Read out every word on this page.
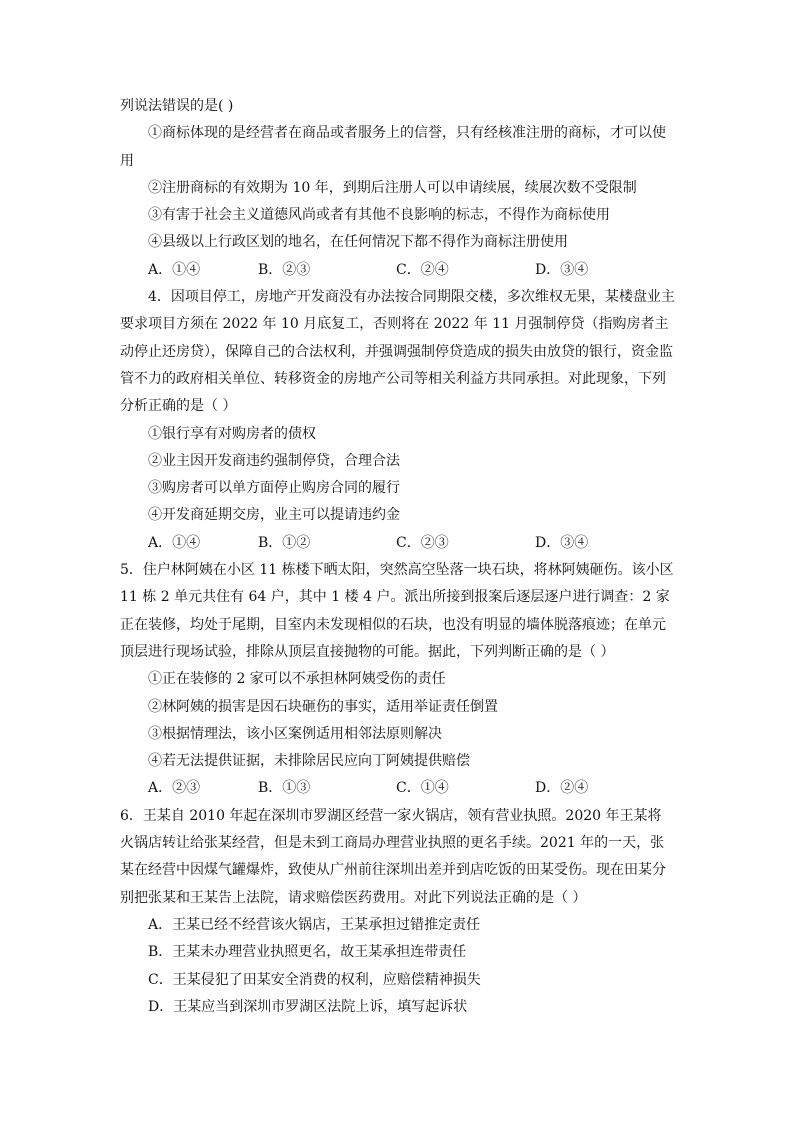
列说法错误的是( )

①商标体现的是经营者在商品或者服务上的信誉，只有经核准注册的商标，才可以使用

②注册商标的有效期为 10 年，到期后注册人可以申请续展，续展次数不受限制

③有害于社会主义道德风尚或者有其他不良影响的标志，不得作为商标使用

④县级以上行政区划的地名，在任何情况下都不得作为商标注册使用

A．①④	B．②③	C．②④	D．③④

4．因项目停工，房地产开发商没有办法按合同期限交楼，多次维权无果，某楼盘业主要求项目方须在 2022 年 10 月底复工，否则将在 2022 年 11 月强制停贷（指购房者主动停止还房贷），保障自己的合法权利，并强调强制停贷造成的损失由放贷的银行，资金监管不力的政府相关单位、转移资金的房地产公司等相关利益方共同承担。对此现象，下列分析正确的是（ ）

①银行享有对购房者的债权

②业主因开发商违约强制停贷，合理合法

③购房者可以单方面停止购房合同的履行

④开发商延期交房，业主可以提请违约金

A．①④	B．①②	C．②③	D．③④

5．住户林阿姨在小区 11 栋楼下晒太阳，突然高空坠落一块石块，将林阿姨砸伤。该小区 11 栋 2 单元共住有 64 户，其中 1 楼 4 户。派出所接到报案后逐层逐户进行调查：2 家正在装修，均处于尾期，目室内未发现相似的石块，也没有明显的墙体脱落痕迹；在单元顶层进行现场试验，排除从顶层直接抛物的可能。据此，下列判断正确的是（ ）

①正在装修的 2 家可以不承担林阿姨受伤的责任

②林阿姨的损害是因石块砸伤的事实，适用举证责任倒置

③根据情理法，该小区案例适用相邻法原则解决

④若无法提供证据，未排除居民应向丁阿姨提供赔偿

A．②③	B．①③	C．①④	D．②④

6．王某自 2010 年起在深圳市罗湖区经营一家火锅店，领有营业执照。2020 年王某将火锅店转让给张某经营，但是未到工商局办理营业执照的更名手续。2021 年的一天，张某在经营中因煤气罐爆炸，致使从广州前往深圳出差并到店吃饭的田某受伤。现在田某分别把张某和王某告上法院，请求赔偿医药费用。对此下列说法正确的是（ ）

A．王某已经不经营该火锅店，王某承担过错推定责任

B．王某未办理营业执照更名，故王某承担连带责任

C．王某侵犯了田某安全消费的权利，应赔偿精神损失

D．王某应当到深圳市罗湖区法院上诉，填写起诉状
